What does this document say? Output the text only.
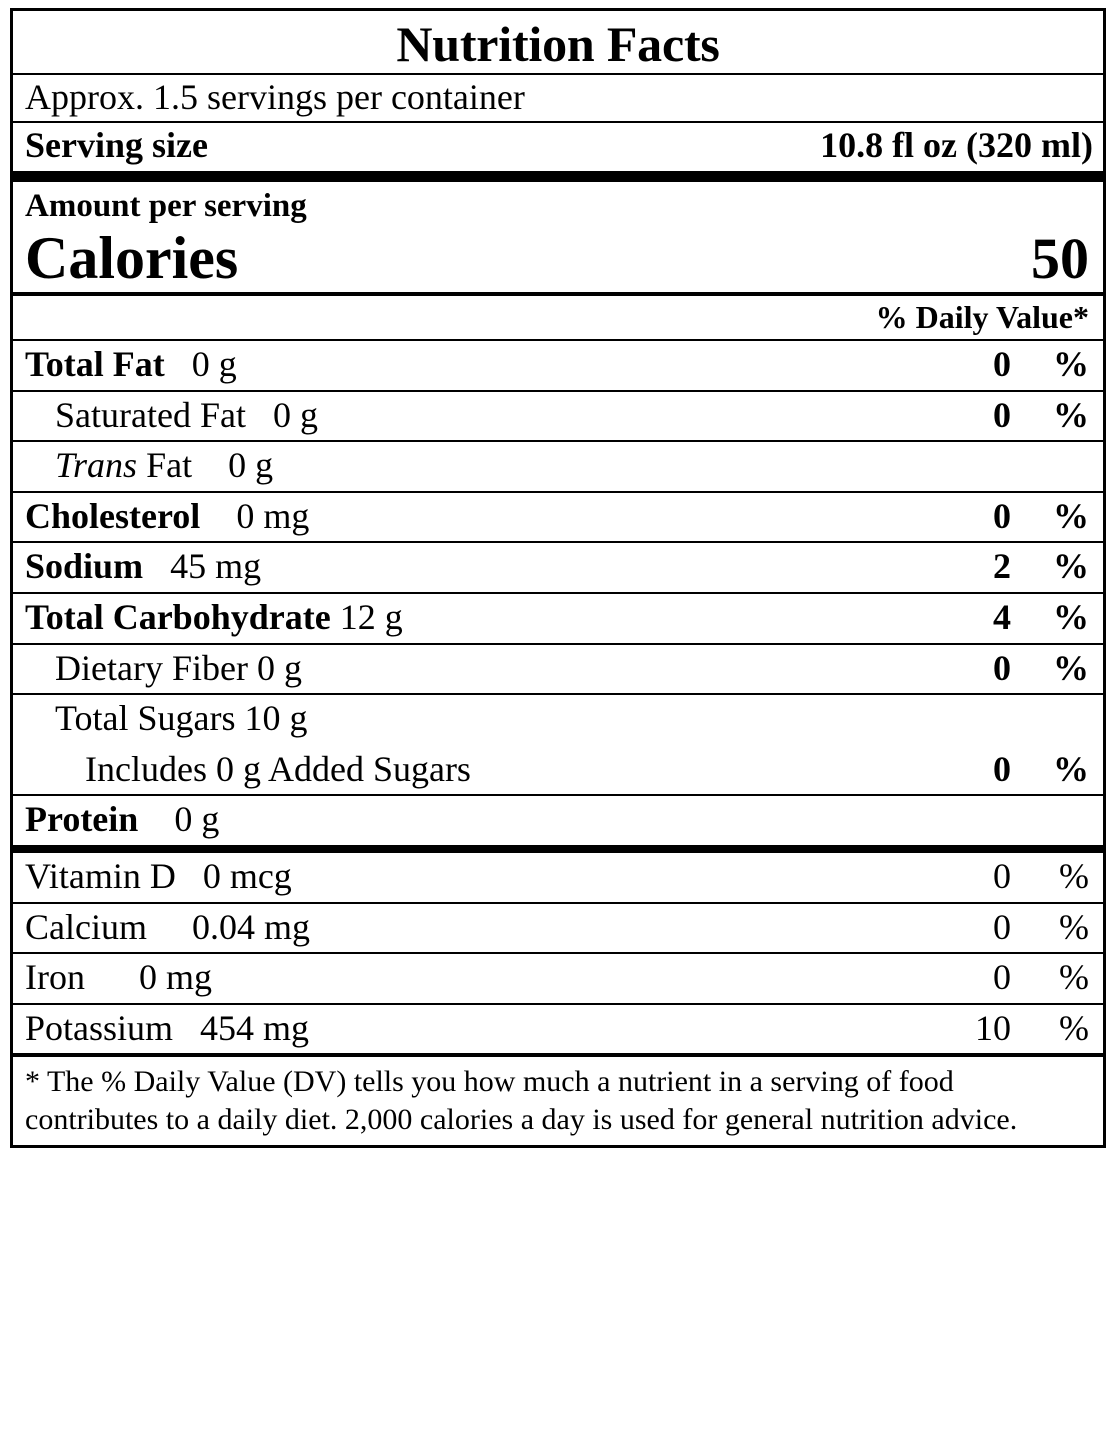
Nutrition Facts
Approx. 1.5 servings per container
Serving size	10.8 fl oz (320 ml)
Amount per serving
Calories	50
% Daily Value*
Total Fat 0 g	0	%
Saturated Fat 0 g	0	%
Trans Fat 0 g
Cholesterol 0 mg	0	%
Sodium 45 mg	2	%
Total Carbohydrate 12 g	4	%
Dietary Fiber 0 g	0	%
Total Sugars 10 g
Includes 0 g Added Sugars	0	%
Protein 0 g
Vitamin D 0 mcg	0	%
Calcium 0.04 mg	0	%
Iron 0 mg	0	%
Potassium 454 mg	10	%
* The % Daily Value (DV) tells you how much a nutrient in a serving of food contributes to a daily diet. 2,000 calories a day is used for general nutrition advice.
